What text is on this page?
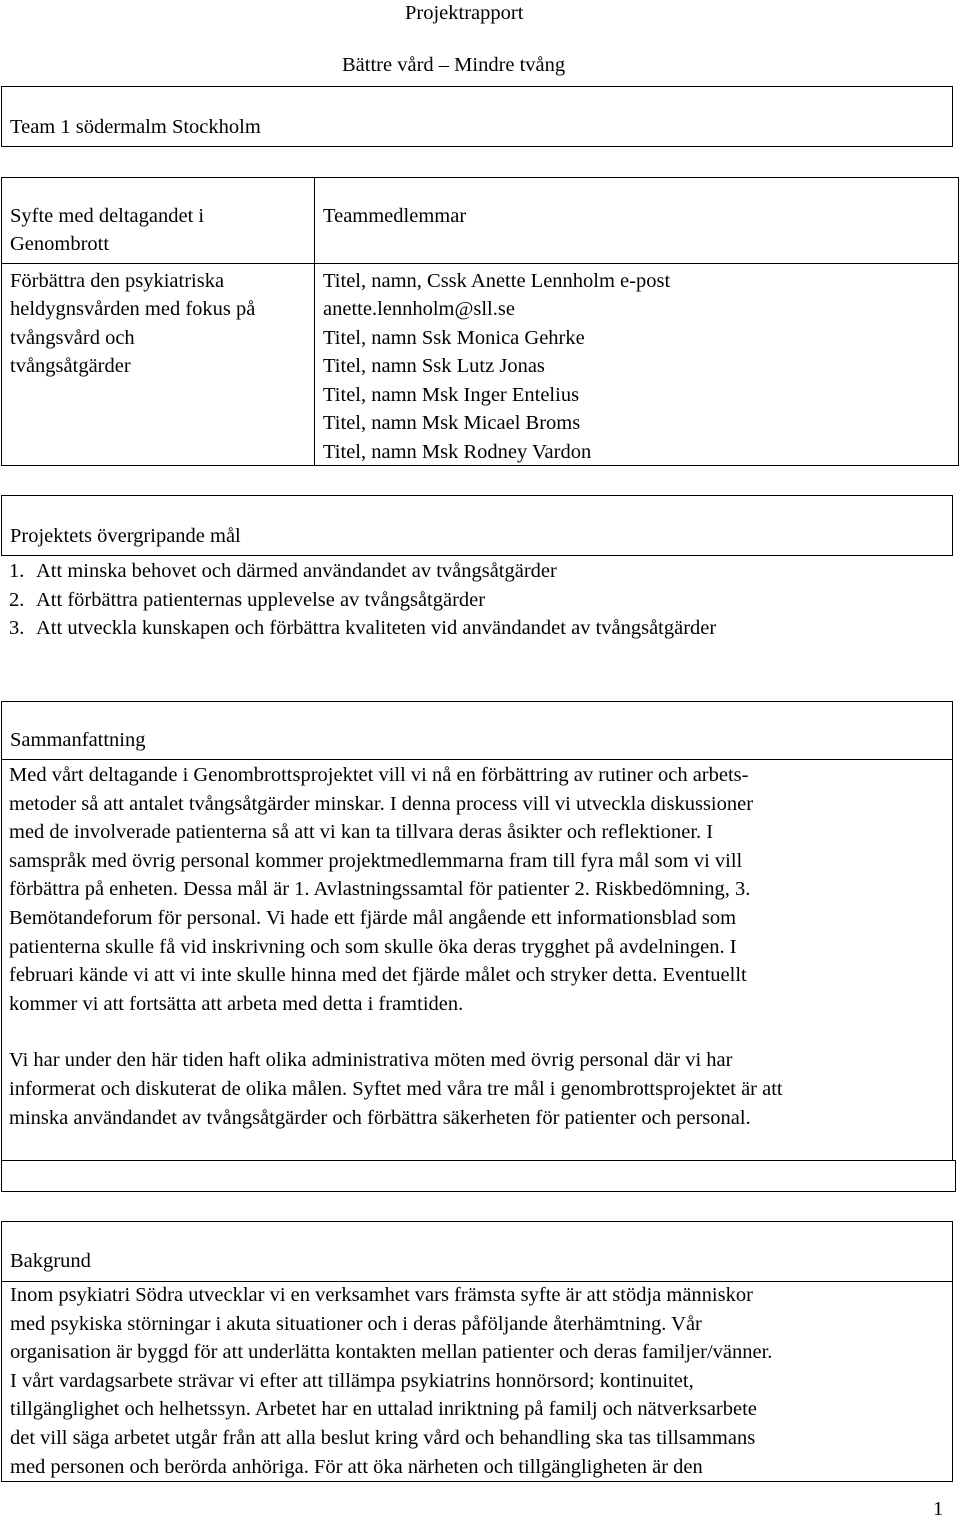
Projektrapport
Bättre vård – Mindre tvång
Team 1 södermalm Stockholm
Syfte med deltagandet i
Genombrott
Förbättra den psykiatriska
heldygnsvården med fokus på
tvångsvård och
tvångsåtgärder
Teammedlemmar
Titel, namn, Cssk Anette Lennholm e-post
anette.lennholm@sll.se
Titel, namn Ssk Monica Gehrke
Titel, namn Ssk Lutz Jonas
Titel, namn Msk Inger Entelius
Titel, namn Msk Micael Broms
Titel, namn Msk Rodney Vardon
Projektets övergripande mål
1. Att minska behovet och därmed användandet av tvångsåtgärder
2. Att förbättra patienternas upplevelse av tvångsåtgärder
3. Att utveckla kunskapen och förbättra kvaliteten vid användandet av tvångsåtgärder
Sammanfattning
Med vårt deltagande i Genombrottsprojektet vill vi nå en förbättring av rutiner och arbets-
metoder så att antalet tvångsåtgärder minskar. I denna process vill vi utveckla diskussioner
med de involverade patienterna så att vi kan ta tillvara deras åsikter och reflektioner. I
samspråk med övrig personal kommer projektmedlemmarna fram till fyra mål som vi vill
förbättra på enheten. Dessa mål är 1. Avlastningssamtal för patienter 2. Riskbedömning, 3.
Bemötandeforum för personal. Vi hade ett fjärde mål angående ett informationsblad som
patienterna skulle få vid inskrivning och som skulle öka deras trygghet på avdelningen. I
februari kände vi att vi inte skulle hinna med det fjärde målet och stryker detta. Eventuellt
kommer vi att fortsätta att arbeta med detta i framtiden.
Vi har under den här tiden haft olika administrativa möten med övrig personal där vi har
informerat och diskuterat de olika målen. Syftet med våra tre mål i genombrottsprojektet är att
minska användandet av tvångsåtgärder och förbättra säkerheten för patienter och personal.
Bakgrund
Inom psykiatri Södra utvecklar vi en verksamhet vars främsta syfte är att stödja människor
med psykiska störningar i akuta situationer och i deras påföljande återhämtning. Vår
organisation är byggd för att underlätta kontakten mellan patienter och deras familjer/vänner.
I vårt vardagsarbete strävar vi efter att tillämpa psykiatrins honnörsord; kontinuitet,
tillgänglighet och helhetssyn. Arbetet har en uttalad inriktning på familj och nätverksarbete
det vill säga arbetet utgår från att alla beslut kring vård och behandling ska tas tillsammans
med personen och berörda anhöriga. För att öka närheten och tillgängligheten är den
1
